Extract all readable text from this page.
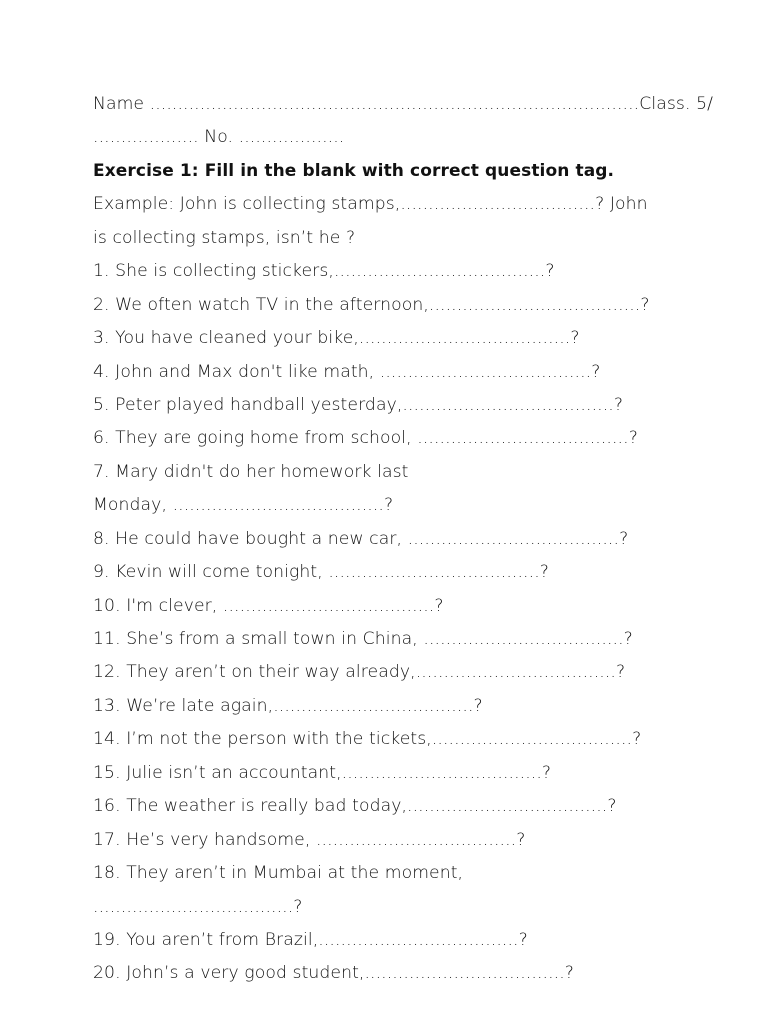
Name ........................................................................................ Class. 5/
................... No. ...................
Exercise 1: Fill in the blank with correct question tag.
Example: John is collecting stamps,...................................? John
is collecting stamps, isn’t he ?
1. She is collecting stickers,......................................?
2. We often watch TV in the afternoon,......................................?
3. You have cleaned your bike,......................................?
4. John and Max don't like math, ......................................?
5. Peter played handball yesterday,......................................?
6. They are going home from school, ......................................?
7. Mary didn't do her homework last
Monday, ......................................?
8. He could have bought a new car, ......................................?
9. Kevin will come tonight, ......................................?
10. I'm clever, ......................................?
11. She’s from a small town in China, ....................................?
12. They aren’t on their way already,....................................?
13. We’re late again,....................................?
14. I’m not the person with the tickets,....................................?
15. Julie isn’t an accountant,....................................?
16. The weather is really bad today,....................................?
17. He’s very handsome, ....................................?
18. They aren’t in Mumbai at the moment,
....................................?
19. You aren’t from Brazil,....................................?
20. John’s a very good student,....................................?
